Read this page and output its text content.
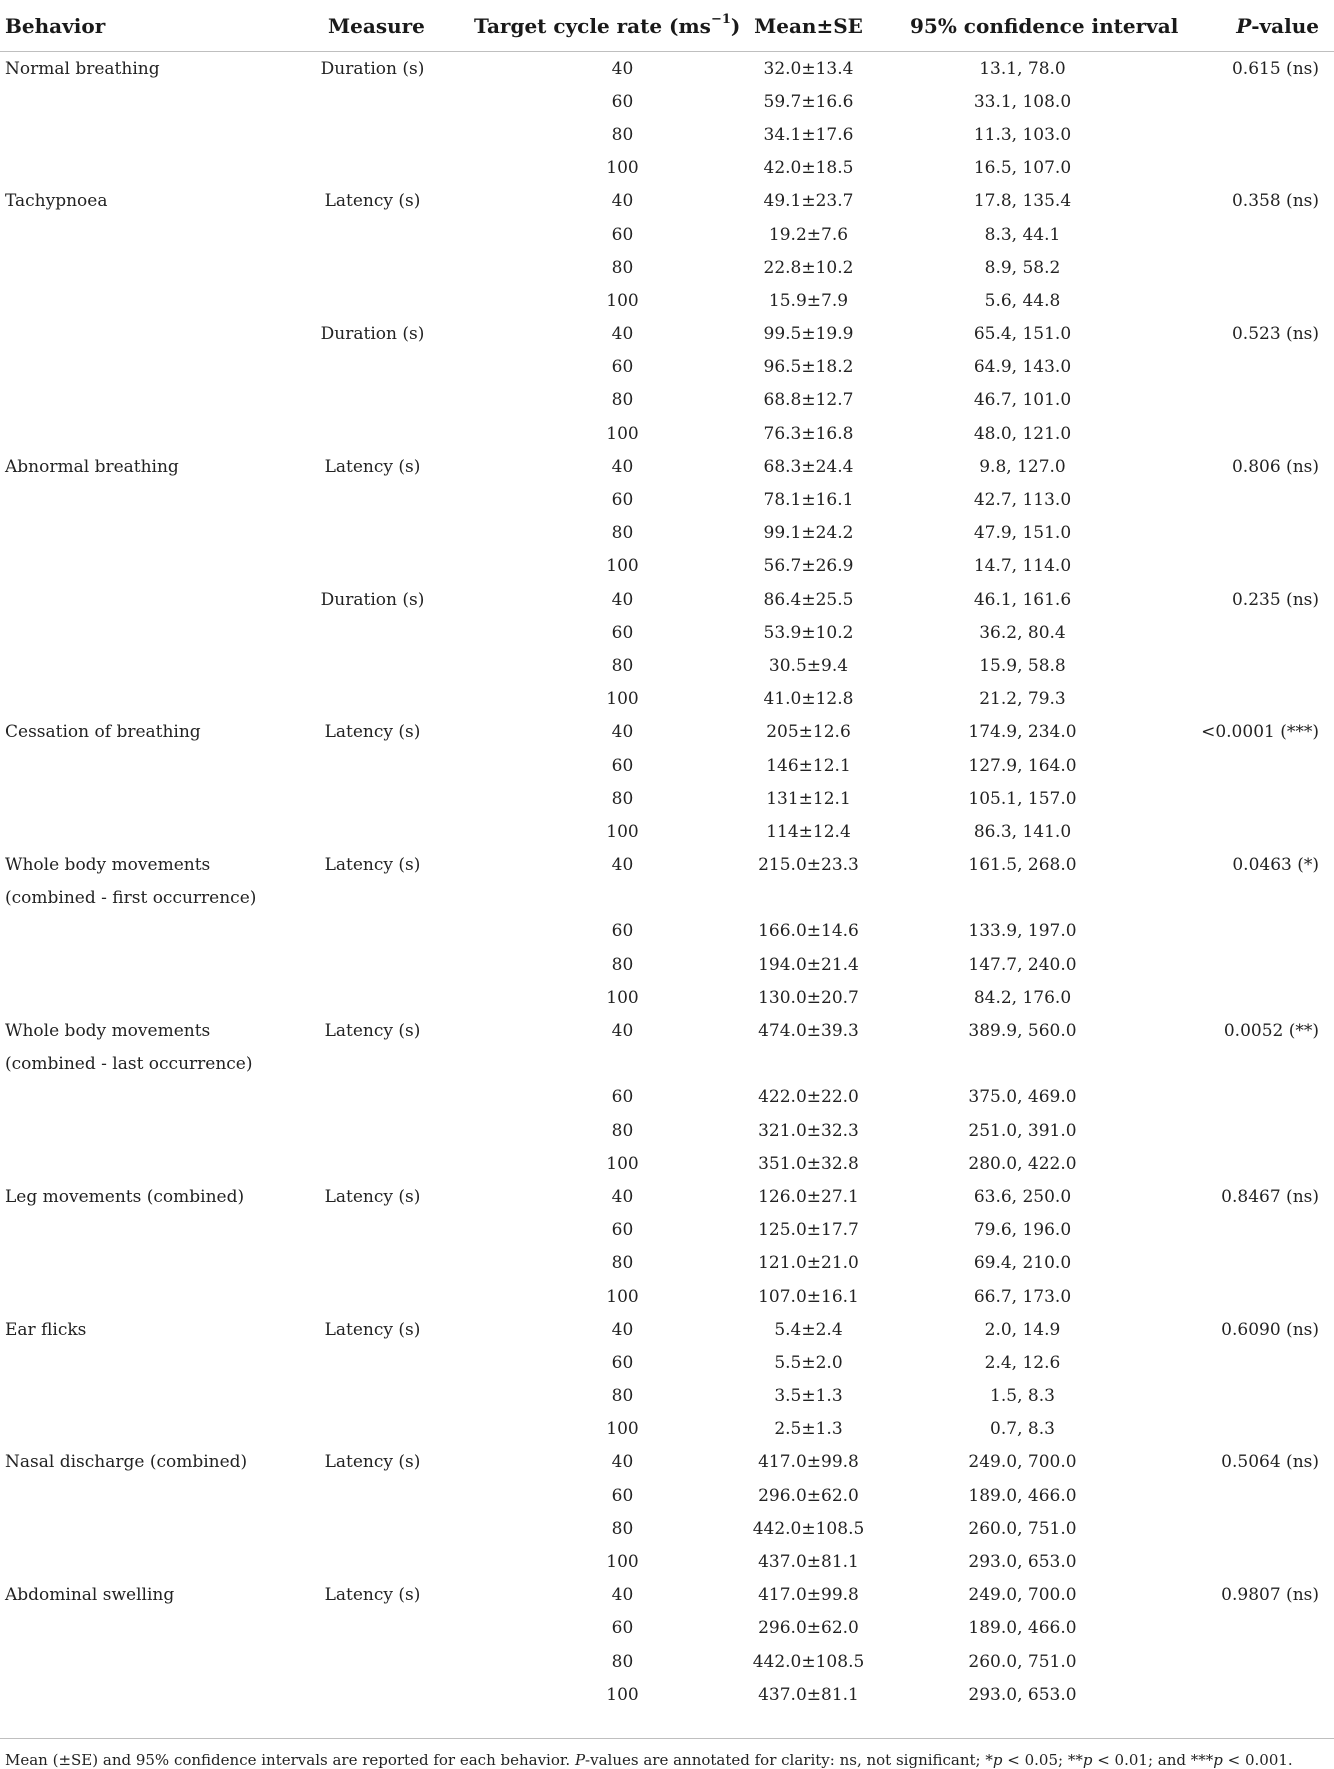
Behavior	Measure	Target cycle rate $(ms^{-1})$	Mean±SE	95% confidence interval	P-value
Normal breathing	Duration (s)	40	32.0±13.4	13.1, 78.0	0.615 (ns)
		60	59.7±16.6	33.1, 108.0	
		80	34.1±17.6	11.3, 103.0	
		100	42.0±18.5	16.5, 107.0	
Tachypnoea	Latency (s)	40	49.1±23.7	17.8, 135.4	0.358 (ns)
		60	19.2±7.6	8.3, 44.1	
		80	22.8±10.2	8.9, 58.2	
		100	15.9±7.9	5.6, 44.8	
	Duration (s)	40	99.5±19.9	65.4, 151.0	0.523 (ns)
		60	96.5±18.2	64.9, 143.0	
		80	68.8±12.7	46.7, 101.0	
		100	76.3±16.8	48.0, 121.0	
Abnormal breathing	Latency (s)	40	68.3±24.4	9.8, 127.0	0.806 (ns)
		60	78.1±16.1	42.7, 113.0	
		80	99.1±24.2	47.9, 151.0	
		100	56.7±26.9	14.7, 114.0	
	Duration (s)	40	86.4±25.5	46.1, 161.6	0.235 (ns)
		60	53.9±10.2	36.2, 80.4	
		80	30.5±9.4	15.9, 58.8	
		100	41.0±12.8	21.2, 79.3	
Cessation of breathing	Latency (s)	40	205±12.6	174.9, 234.0	<0.0001 (***)
		60	146±12.1	127.9, 164.0	
		80	131±12.1	105.1, 157.0	
		100	114±12.4	86.3, 141.0	
Whole body movements	Latency (s)	40	215.0±23.3	161.5, 268.0	0.0463 (*)
(combined - first occurrence)					
		60	166.0±14.6	133.9, 197.0	
		80	194.0±21.4	147.7, 240.0	
		100	130.0±20.7	84.2, 176.0	
Whole body movements	Latency (s)	40	474.0±39.3	389.9, 560.0	0.0052 (**)
(combined - last occurrence)					
		60	422.0±22.0	375.0, 469.0	
		80	321.0±32.3	251.0, 391.0	
		100	351.0±32.8	280.0, 422.0	
Leg movements (combined)	Latency (s)	40	126.0±27.1	63.6, 250.0	0.8467 (ns)
		60	125.0±17.7	79.6, 196.0	
		80	121.0±21.0	69.4, 210.0	
		100	107.0±16.1	66.7, 173.0	
Ear flicks	Latency (s)	40	5.4±2.4	2.0, 14.9	0.6090 (ns)
		60	5.5±2.0	2.4, 12.6	
		80	3.5±1.3	1.5, 8.3	
		100	2.5±1.3	0.7, 8.3	
Nasal discharge (combined)	Latency (s)	40	417.0±99.8	249.0, 700.0	0.5064 (ns)
		60	296.0±62.0	189.0, 466.0	
		80	442.0±108.5	260.0, 751.0	
		100	437.0±81.1	293.0, 653.0	
Abdominal swelling	Latency (s)	40	417.0±99.8	249.0, 700.0	0.9807 (ns)
		60	296.0±62.0	189.0, 466.0	
		80	442.0±108.5	260.0, 751.0	
		100	437.0±81.1	293.0, 653.0	
Mean (±SE) and 95% confidence intervals are reported for each behavior. P-values are annotated for clarity: ns, not significant; *p < 0.05; **p < 0.01; and ***p < 0.001.
